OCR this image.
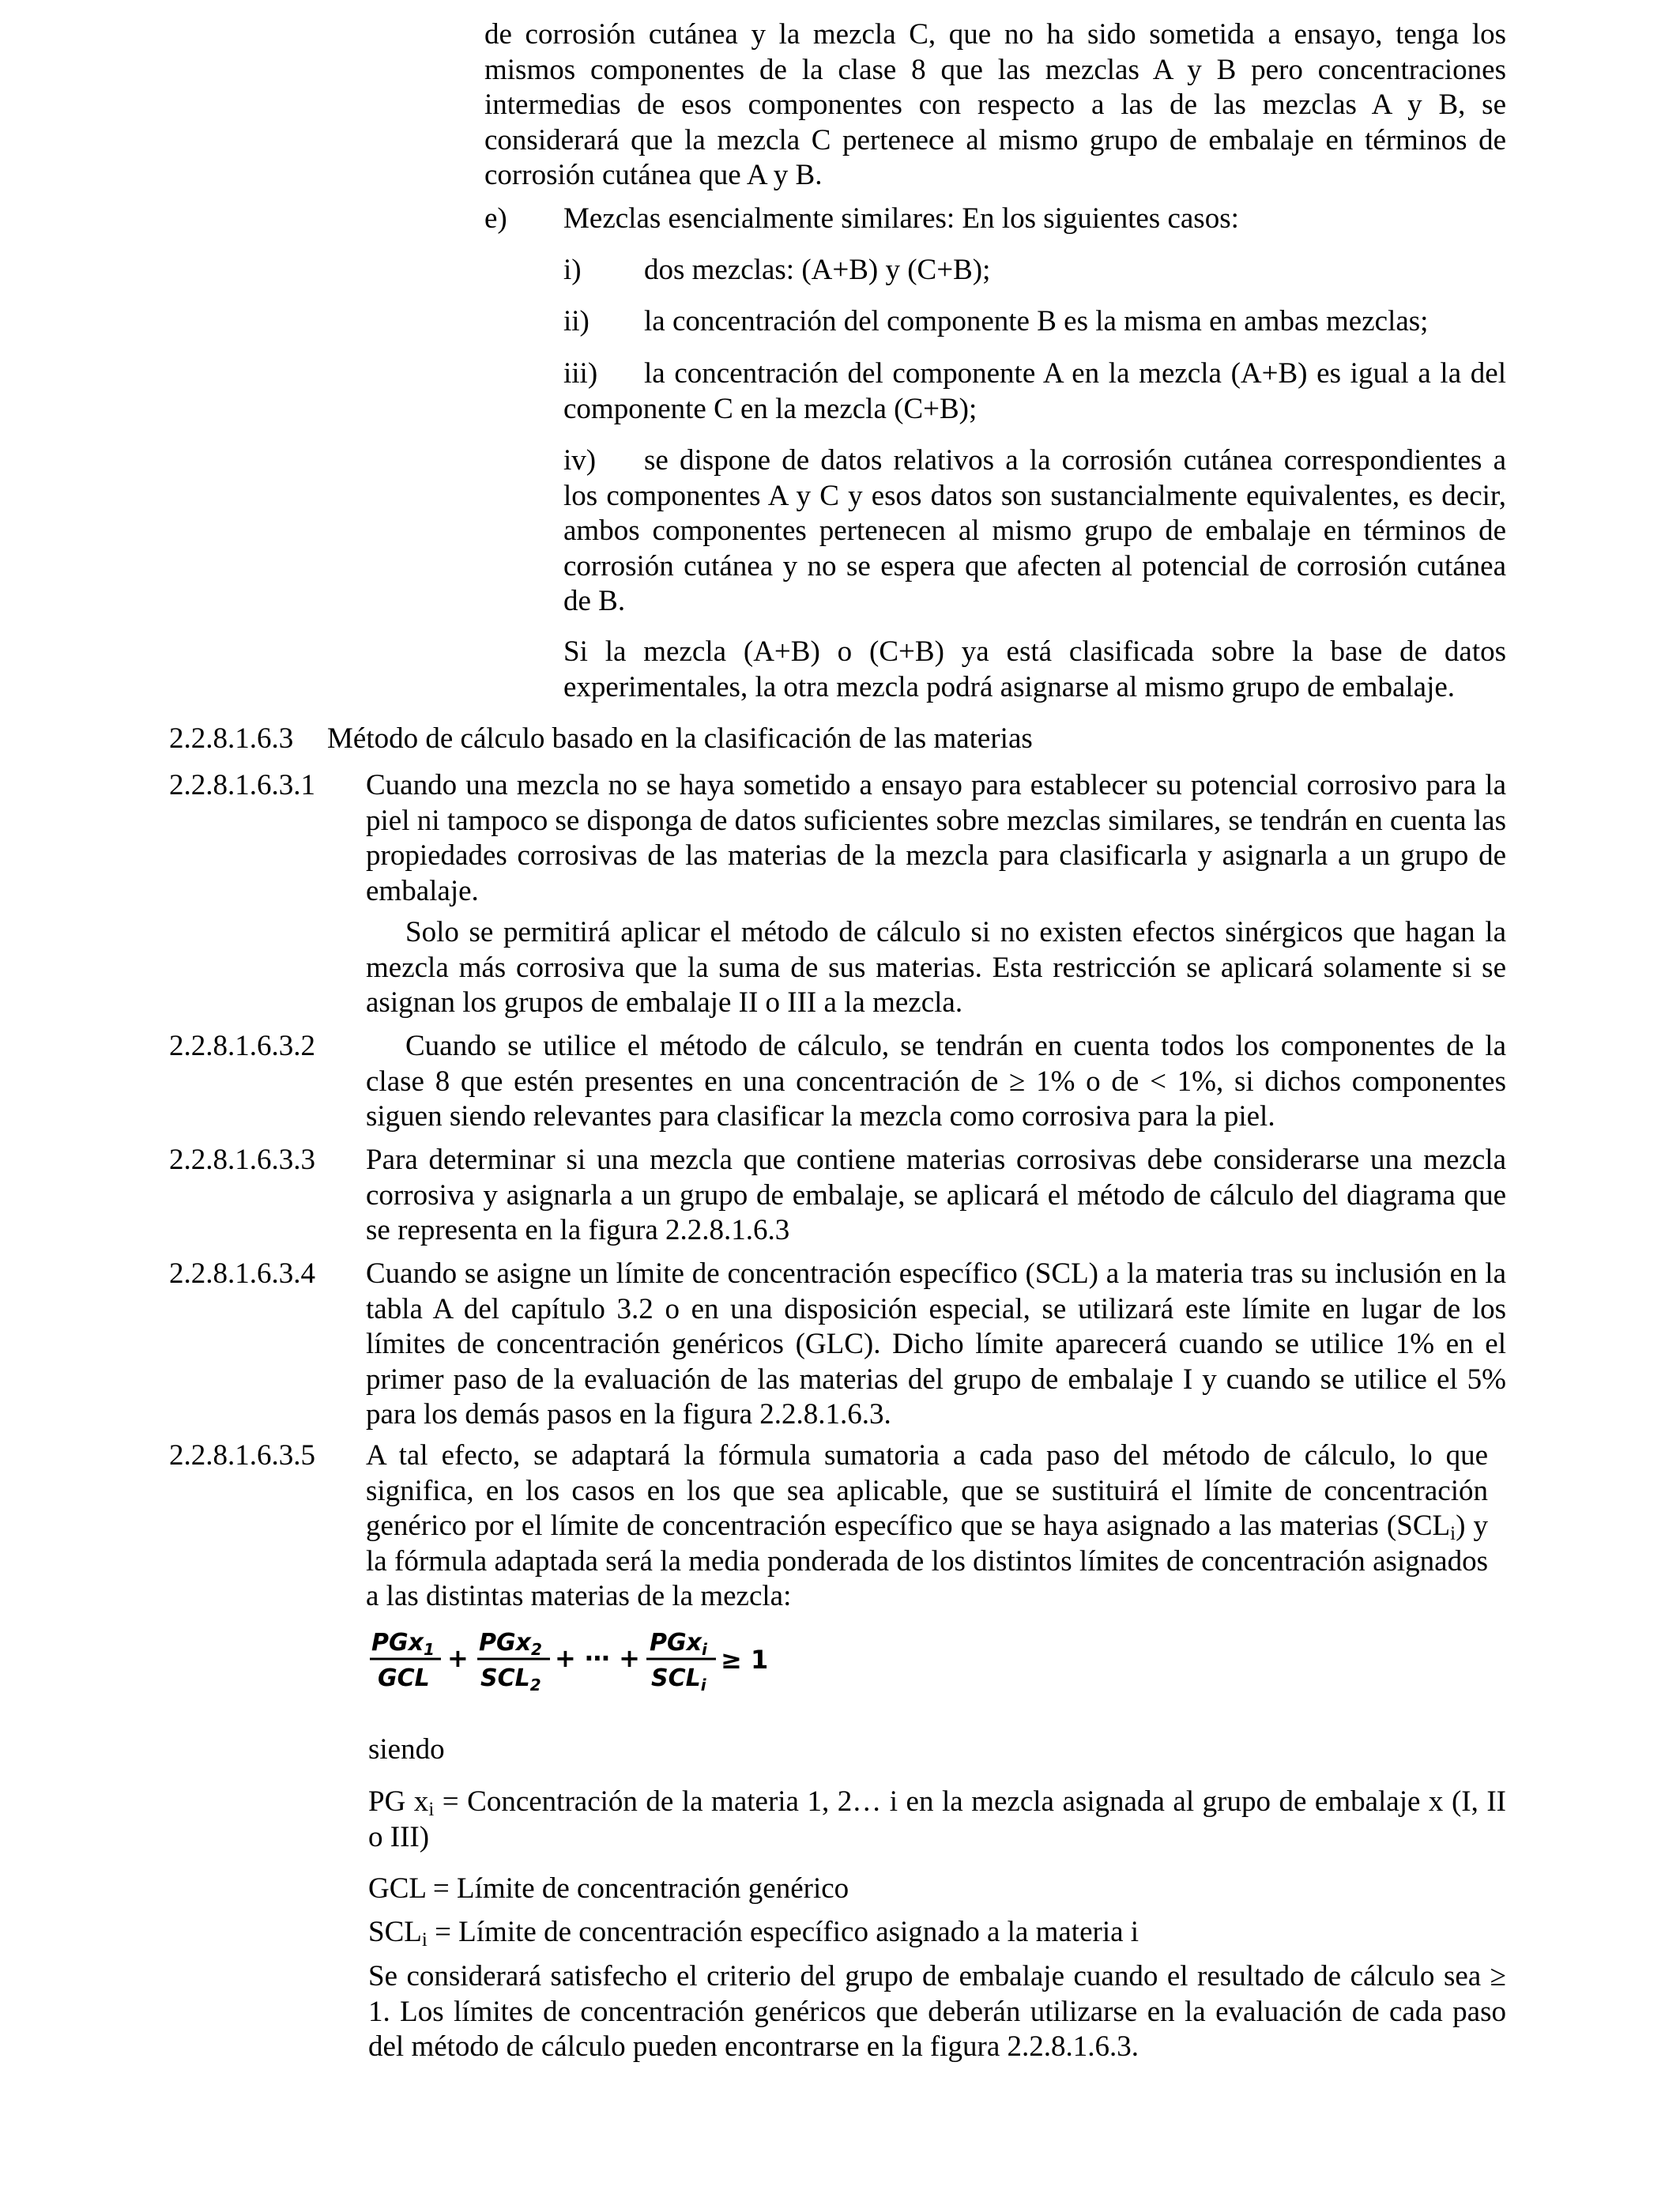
de corrosión cutánea y la mezcla C, que no ha sido sometida a ensayo, tenga los mismos componentes de la clase 8 que las mezclas A y B pero concentraciones intermedias de esos componentes con respecto a las de las mezclas A y B, se considerará que la mezcla C pertenece al mismo grupo de embalaje en términos de corrosión cutánea que A y B.
e) Mezclas esencialmente similares: En los siguientes casos:
i) dos mezclas: (A+B) y (C+B);
ii) la concentración del componente B es la misma en ambas mezclas;
iii) la concentración del componente A en la mezcla (A+B) es igual a la del componente C en la mezcla (C+B);
iv) se dispone de datos relativos a la corrosión cutánea correspondientes a los componentes A y C y esos datos son sustancialmente equivalentes, es decir, ambos componentes pertenecen al mismo grupo de embalaje en términos de corrosión cutánea y no se espera que afecten al potencial de corrosión cutánea de B.
Si la mezcla (A+B) o (C+B) ya está clasificada sobre la base de datos experimentales, la otra mezcla podrá asignarse al mismo grupo de embalaje.
2.2.8.1.6.3 Método de cálculo basado en la clasificación de las materias
2.2.8.1.6.3.1 Cuando una mezcla no se haya sometido a ensayo para establecer su potencial corrosivo para la piel ni tampoco se disponga de datos suficientes sobre mezclas similares, se tendrán en cuenta las propiedades corrosivas de las materias de la mezcla para clasificarla y asignarla a un grupo de embalaje.
Solo se permitirá aplicar el método de cálculo si no existen efectos sinérgicos que hagan la mezcla más corrosiva que la suma de sus materias. Esta restricción se aplicará solamente si se asignan los grupos de embalaje II o III a la mezcla.
2.2.8.1.6.3.2	Cuando se utilice el método de cálculo, se tendrán en cuenta todos los componentes de la clase 8 que estén presentes en una concentración de ≥ 1% o de < 1%, si dichos componentes siguen siendo relevantes para clasificar la mezcla como corrosiva para la piel.
2.2.8.1.6.3.3 Para determinar si una mezcla que contiene materias corrosivas debe considerarse una mezcla corrosiva y asignarla a un grupo de embalaje, se aplicará el método de cálculo del diagrama que se representa en la figura 2.2.8.1.6.3
2.2.8.1.6.3.4 Cuando se asigne un límite de concentración específico (SCL) a la materia tras su inclusión en la tabla A del capítulo 3.2 o en una disposición especial, se utilizará este límite en lugar de los límites de concentración genéricos (GLC). Dicho límite aparecerá cuando se utilice 1% en el primer paso de la evaluación de las materias del grupo de embalaje I y cuando se utilice el 5% para los demás pasos en la figura 2.2.8.1.6.3.
2.2.8.1.6.3.5 A tal efecto, se adaptará la fórmula sumatoria a cada paso del método de cálculo, lo que significa, en los casos en los que sea aplicable, que se sustituirá el límite de concentración genérico por el límite de concentración específico que se haya asignado a las materias $(SCL_i)$ y la fórmula adaptada será la media ponderada de los distintos límites de concentración asignados a las distintas materias de la mezcla:
PGx$_1$
GCL
+
PGx$_2$
$SCL_2$
+ ⋯ +
PGx$_i$
$SCL_i$
≥ 1
siendo
PG $x_i$ = Concentración de la materia 1, 2… i en la mezcla asignada al grupo de embalaje x (I, II o III)
GCL = Límite de concentración genérico
$SCL_i$ = Límite de concentración específico asignado a la materia i
Se considerará satisfecho el criterio del grupo de embalaje cuando el resultado de cálculo sea ≥ 1. Los límites de concentración genéricos que deberán utilizarse en la evaluación de cada paso del método de cálculo pueden encontrarse en la figura 2.2.8.1.6.3.
